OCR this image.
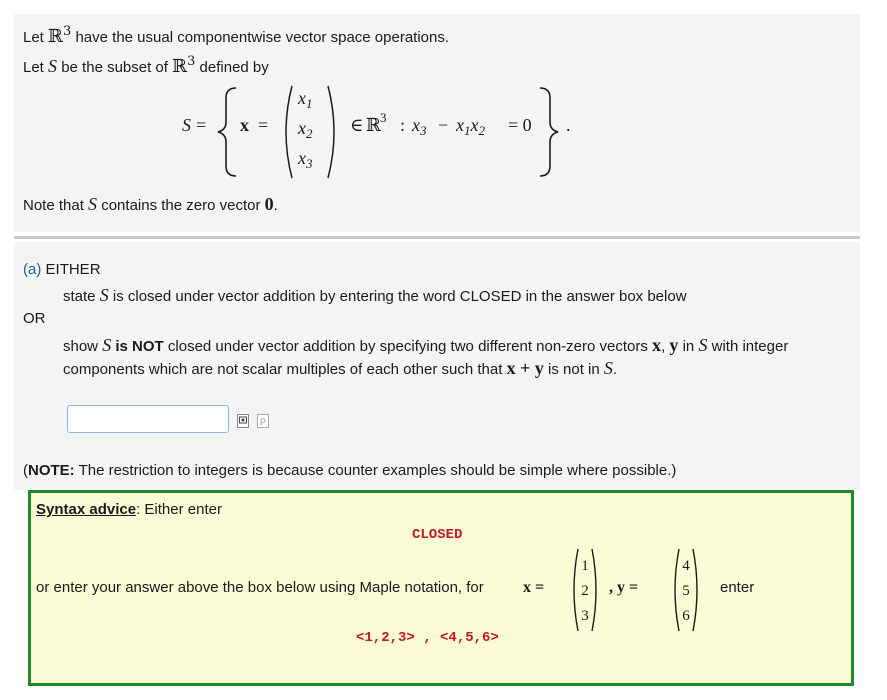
Let ℝ$^3$ have the usual componentwise vector space operations.
Let S be the subset of ℝ$^3$ defined by
S = x =
$x_1$
$x_2$
$x_3$
∈ ℝ 3 : $x_3 - x_1x_2 = 0$ .
Note that S contains the zero vector 0.
(a) EITHER
state S is closed under vector addition by entering the word CLOSED in the answer box below
OR
show S is NOT closed under vector addition by specifying two different non-zero vectors x, y in S with integer
components which are not scalar multiples of each other such that x + y is not in S.
P
(NOTE: The restriction to integers is because counter examples should be simple where possible.)
Syntax advice: Either enter
CLOSED
or enter your answer above the box below using Maple notation, for x =
1
2
3
, y =
4
5
6
enter
<1,2,3> , <4,5,6>
